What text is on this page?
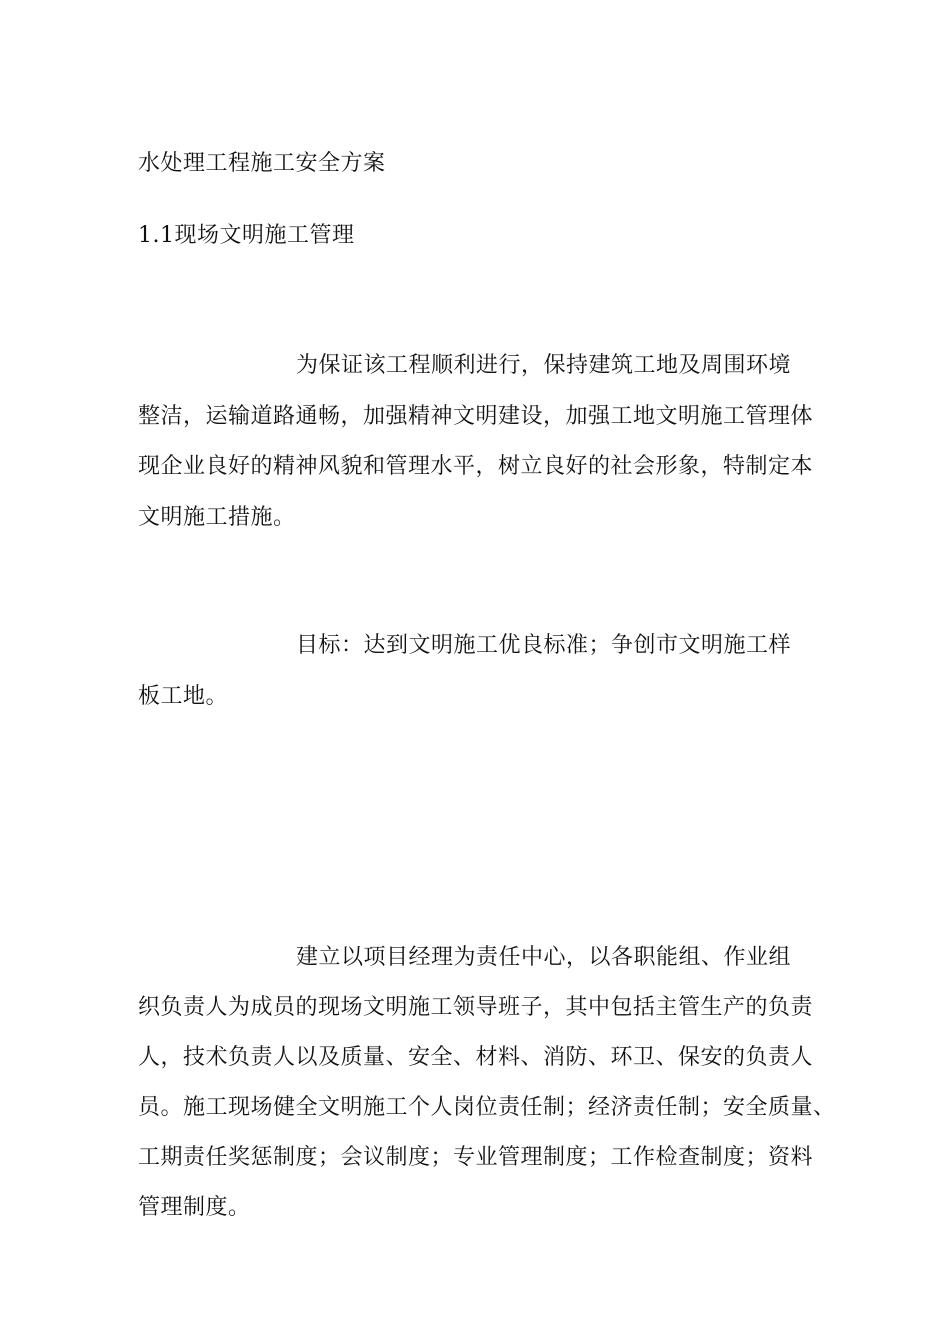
水处理工程施工安全方案
1.1现场文明施工管理
为保证该工程顺利进行，保持建筑工地及周围环境
整洁，运输道路通畅，加强精神文明建设，加强工地文明施工管理体
现企业良好的精神风貌和管理水平，树立良好的社会形象，特制定本
文明施工措施。
目标：达到文明施工优良标准；争创市文明施工样
板工地。
建立以项目经理为责任中心，以各职能组、作业组
织负责人为成员的现场文明施工领导班子，其中包括主管生产的负责
人，技术负责人以及质量、安全、材料、消防、环卫、保安的负责人
员。施工现场健全文明施工个人岗位责任制；经济责任制；安全质量、
工期责任奖惩制度；会议制度；专业管理制度；工作检查制度；资料
管理制度。
